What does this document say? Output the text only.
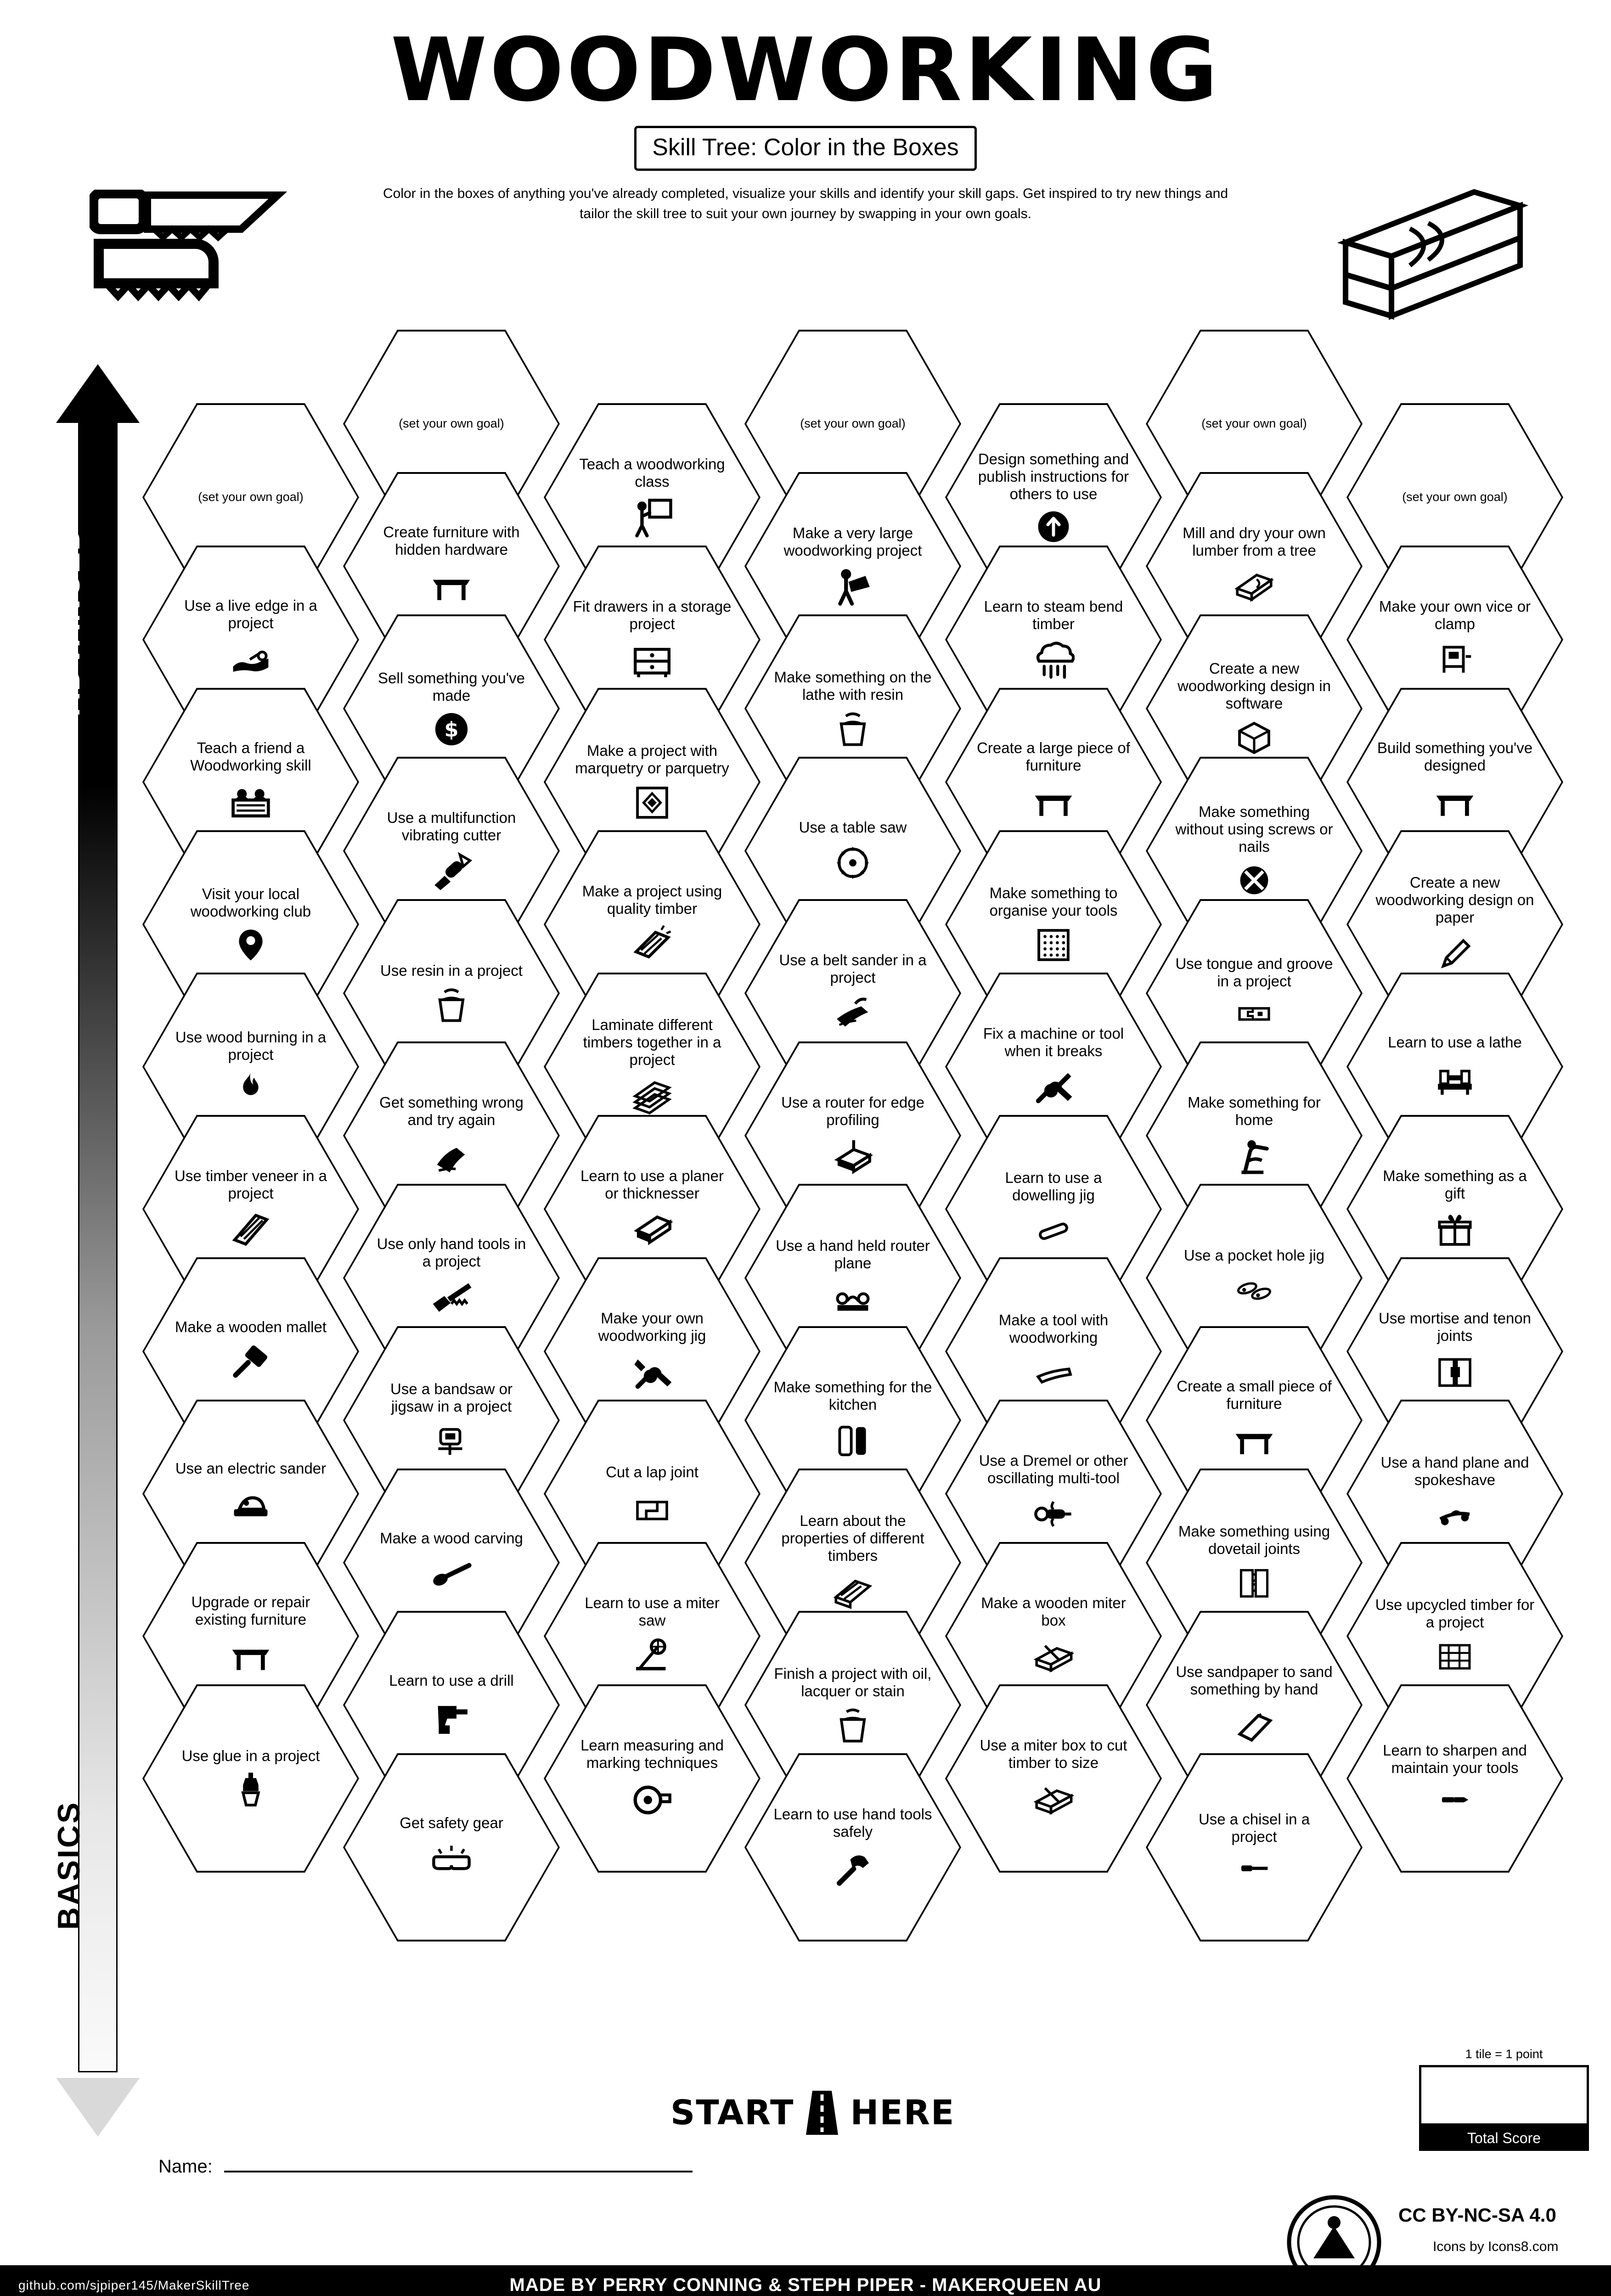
WOODWORKING
Skill Tree: Color in the Boxes
Color in the boxes of anything you've already completed, visualize your skills and identify your skill gaps. Get inspired to try new things and tailor the skill tree to suit your own journey by swapping in your own goals.
ADVANCED
BASICS
(set your own goal)
Use a live edge in a project
Teach a friend a Woodworking skill
Visit your local woodworking club
Use wood burning in a project
Use timber veneer in a project
Make a wooden mallet
Use an electric sander
Upgrade or repair existing furniture
Use glue in a project
(set your own goal)
Create furniture with hidden hardware
Sell something you've made
$
Use a multifunction vibrating cutter
Use resin in a project
Get something wrong and try again
Use only hand tools in a project
Use a bandsaw or jigsaw in a project
Make a wood carving
Learn to use a drill
Get safety gear
Teach a woodworking class
Fit drawers in a storage project
Make a project with marquetry or parquetry
Make a project using quality timber
Laminate different timbers together in a project
Learn to use a planer or thicknesser
Make your own woodworking jig
Cut a lap joint
Learn to use a miter saw
Learn measuring and marking techniques
(set your own goal)
Make a very large woodworking project
Make something on the lathe with resin
Use a table saw
Use a belt sander in a project
Use a router for edge profiling
Use a hand held router plane
Make something for the kitchen
Learn about the properties of different timbers
Finish a project with oil, lacquer or stain
Learn to use hand tools safely
Design something and publish instructions for others to use
Learn to steam bend timber
Create a large piece of furniture
Make something to organise your tools
Fix a machine or tool when it breaks
Learn to use a dowelling jig
Make a tool with woodworking
Use a Dremel or other oscillating multi-tool
Make a wooden miter box
Use a miter box to cut timber to size
(set your own goal)
Mill and dry your own lumber from a tree
Create a new woodworking design in software
Make something without using screws or nails
Use tongue and groove in a project
Make something for home
Use a pocket hole jig
Create a small piece of furniture
Make something using dovetail joints
Use sandpaper to sand something by hand
Use a chisel in a project
(set your own goal)
Make your own vice or clamp
Build something you've designed
Create a new woodworking design on paper
Learn to use a lathe
Make something as a gift
Use mortise and tenon joints
Use a hand plane and spokeshave
Use upcycled timber for a project
Learn to sharpen and maintain your tools
START HERE
Name:
1 tile = 1 point
Total Score
CC BY-NC-SA 4.0
Icons by Icons8.com
MADE BY PERRY CONNING & STEPH PIPER - MAKERQUEEN AU
github.com/sjpiper145/MakerSkillTree
